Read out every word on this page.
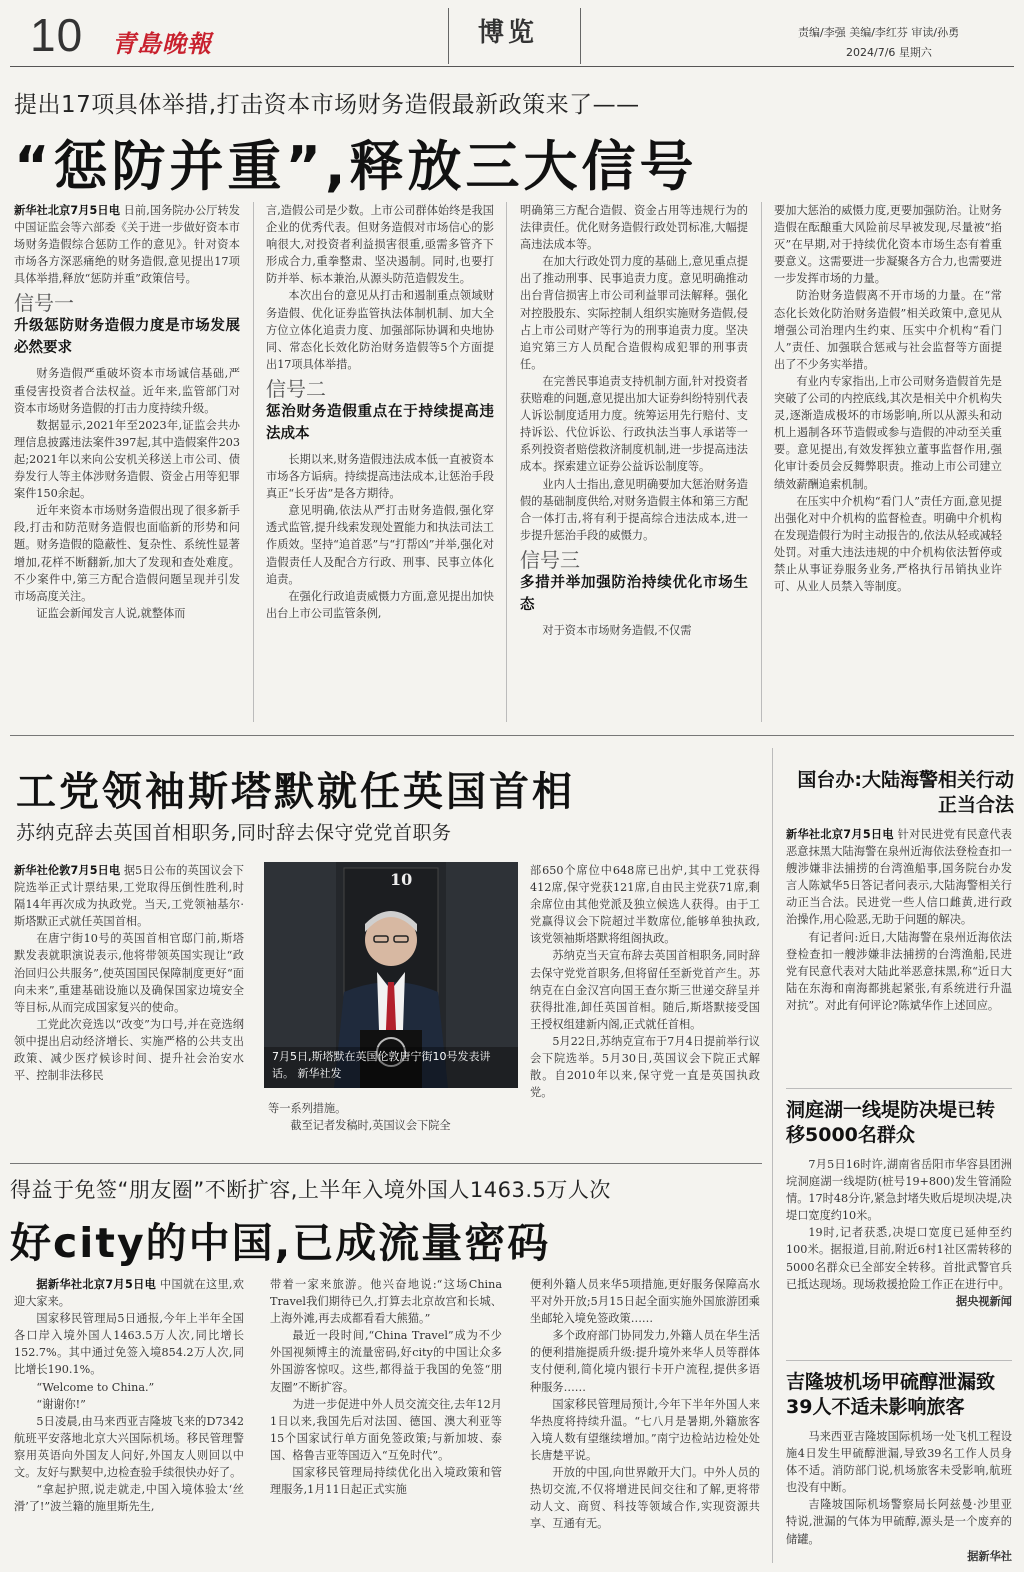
10 青島晚報	博览	责编/李强 美编/李红芬 审读/孙勇
2024/7/6 星期六
提出17项具体举措,打击资本市场财务造假最新政策来了——
“惩防并重”,释放三大信号

新华社北京7月5日电 日前,国务院办公厅转发中国证监会等六部委《关于进一步做好资本市场财务造假综合惩防工作的意见》。针对资本市场各方深恶痛绝的财务造假,意见提出17项具体举措,释放“惩防并重”政策信号。

信号一
升级惩防财务造假力度是市场发展必然要求

财务造假严重破坏资本市场诚信基础,严重侵害投资者合法权益。近年来,监管部门对资本市场财务造假的打击力度持续升级。

数据显示,2021年至2023年,证监会共办理信息披露违法案件397起,其中造假案件203起;2021年以来向公安机关移送上市公司、债券发行人等主体涉财务造假、资金占用等犯罪案件150余起。

近年来资本市场财务造假出现了很多新手段,打击和防范财务造假也面临新的形势和问题。财务造假的隐蔽性、复杂性、系统性显著增加,花样不断翻新,加大了发现和查处难度。不少案件中,第三方配合造假问题呈现并引发市场高度关注。

证监会新闻发言人说,就整体而

言,造假公司是少数。上市公司群体始终是我国企业的优秀代表。但财务造假对市场信心的影响很大,对投资者利益损害很重,亟需多管齐下形成合力,重拳整肃、坚决遏制。同时,也要打防并举、标本兼治,从源头防范造假发生。

本次出台的意见从打击和遏制重点领域财务造假、优化证券监管执法体制机制、加大全方位立体化追责力度、加强部际协调和央地协同、常态化长效化防治财务造假等5个方面提出17项具体举措。

信号二
惩治财务造假重点在于持续提高违法成本

长期以来,财务造假违法成本低一直被资本市场各方诟病。持续提高违法成本,让惩治手段真正“长牙齿”是各方期待。

意见明确,依法从严打击财务造假,强化穿透式监管,提升线索发现处置能力和执法司法工作质效。坚持“追首恶”与“打帮凶”并举,强化对造假责任人及配合方行政、刑事、民事立体化追责。

在强化行政追责威慑力方面,意见提出加快出台上市公司监管条例,

明确第三方配合造假、资金占用等违规行为的法律责任。优化财务造假行政处罚标准,大幅提高违法成本等。

在加大行政处罚力度的基础上,意见重点提出了推动刑事、民事追责力度。意见明确推动出台背信损害上市公司利益罪司法解释。强化对控股股东、实际控制人组织实施财务造假,侵占上市公司财产等行为的刑事追责力度。坚决追究第三方人员配合造假构成犯罪的刑事责任。

在完善民事追责支持机制方面,针对投资者获赔难的问题,意见提出加大证券纠纷特别代表人诉讼制度适用力度。统筹运用先行赔付、支持诉讼、代位诉讼、行政执法当事人承诺等一系列投资者赔偿救济制度机制,进一步提高违法成本。探索建立证券公益诉讼制度等。

业内人士指出,意见明确要加大惩治财务造假的基础制度供给,对财务造假主体和第三方配合一体打击,将有利于提高综合违法成本,进一步提升惩治手段的威慑力。

信号三
多措并举加强防治持续优化市场生态

对于资本市场财务造假,不仅需

要加大惩治的威慑力度,更要加强防治。让财务造假在酝酿重大风险前尽早被发现,尽量被“掐灭”在早期,对于持续优化资本市场生态有着重要意义。这需要进一步凝聚各方合力,也需要进一步发挥市场的力量。

防治财务造假离不开市场的力量。在“常态化长效化防治财务造假”相关政策中,意见从增强公司治理内生约束、压实中介机构“看门人”责任、加强联合惩戒与社会监督等方面提出了不少务实举措。

有业内专家指出,上市公司财务造假首先是突破了公司的内控底线,其次是相关中介机构失灵,逐渐造成极坏的市场影响,所以从源头和动机上遏制各环节造假或参与造假的冲动至关重要。意见提出,有效发挥独立董事监督作用,强化审计委员会反舞弊职责。推动上市公司建立绩效薪酬追索机制。

在压实中介机构“看门人”责任方面,意见提出强化对中介机构的监督检查。明确中介机构在发现造假行为时主动报告的,依法从轻或减轻处罚。对重大违法违规的中介机构依法暂停或禁止从事证券服务业务,严格执行吊销执业许可、从业人员禁入等制度。

工党领袖斯塔默就任英国首相
苏纳克辞去英国首相职务,同时辞去保守党党首职务

新华社伦敦7月5日电 据5日公布的英国议会下院选举正式计票结果,工党取得压倒性胜利,时隔14年再次成为执政党。当天,工党领袖基尔·斯塔默正式就任英国首相。

在唐宁街10号的英国首相官邸门前,斯塔默发表就职演说表示,他将带领英国实现让“政治回归公共服务”,使英国国民保障制度更好“面向未来”,重建基础设施以及确保国家边境安全等目标,从而完成国家复兴的使命。

工党此次竞选以“改变”为口号,并在竞选纲领中提出启动经济增长、实施严格的公共支出政策、减少医疗候诊时间、提升社会治安水平、控制非法移民

10
7月5日,斯塔默在英国伦敦唐宁街10号发表讲话。 新华社发

等一系列措施。

截至记者发稿时,英国议会下院全

部650个席位中648席已出炉,其中工党获得412席,保守党获121席,自由民主党获71席,剩余席位由其他党派及独立候选人获得。由于工党赢得议会下院超过半数席位,能够单独执政,该党领袖斯塔默将组阁执政。

苏纳克当天宣布辞去英国首相职务,同时辞去保守党党首职务,但将留任至新党首产生。苏纳克在白金汉宫向国王查尔斯三世递交辞呈并获得批准,卸任英国首相。随后,斯塔默接受国王授权组建新内阁,正式就任首相。

5月22日,苏纳克宣布于7月4日提前举行议会下院选举。5月30日,英国议会下院正式解散。自2010年以来,保守党一直是英国执政党。

国台办:大陆海警相关行动正当合法

新华社北京7月5日电 针对民进党有民意代表恶意抹黑大陆海警在泉州近海依法登检查扣一艘涉嫌非法捕捞的台湾渔船事,国务院台办发言人陈斌华5日答记者问表示,大陆海警相关行动正当合法。民进党一些人信口雌黄,进行政治操作,用心险恶,无助于问题的解决。

有记者问:近日,大陆海警在泉州近海依法登检查扣一艘涉嫌非法捕捞的台湾渔船,民进党有民意代表对大陆此举恶意抹黑,称“近日大陆在东海和南海都挑起紧张,有系统进行升温对抗”。对此有何评论?陈斌华作上述回应。

洞庭湖一线堤防决堤已转移5000名群众

7月5日16时许,湖南省岳阳市华容县团洲垸洞庭湖一线堤防(桩号19+800)发生管涌险情。17时48分许,紧急封堵失败后堤坝决堤,决堤口宽度约10米。

19时,记者获悉,决堤口宽度已延伸至约100米。据报道,目前,附近6村1社区需转移的5000名群众已全部安全转移。首批武警官兵已抵达现场。现场救援抢险工作正在进行中。

据央视新闻

吉隆坡机场甲硫醇泄漏致39人不适未影响旅客

马来西亚吉隆坡国际机场一处飞机工程设施4日发生甲硫醇泄漏,导致39名工作人员身体不适。消防部门说,机场旅客未受影响,航班也没有中断。

吉隆坡国际机场警察局长阿兹曼·沙里亚特说,泄漏的气体为甲硫醇,源头是一个废弃的储罐。

据新华社

得益于免签“朋友圈”不断扩容,上半年入境外国人1463.5万人次
好city的中国,已成流量密码

据新华社北京7月5日电 中国就在这里,欢迎大家来。

国家移民管理局5日通报,今年上半年全国各口岸入境外国人1463.5万人次,同比增长152.7%。其中通过免签入境854.2万人次,同比增长190.1%。

“Welcome to China.”

“谢谢你!”

5日凌晨,由马来西亚吉隆坡飞来的D7342航班平安落地北京大兴国际机场。移民管理警察用英语向外国友人问好,外国友人则回以中文。友好与默契中,边检查验手续很快办好了。

“拿起护照,说走就走,中国入境体验太‘丝滑’了!”波兰籍的施里斯先生,

带着一家来旅游。他兴奋地说:“这场China Travel我们期待已久,打算去北京故宫和长城、上海外滩,再去成都看看大熊猫。”

最近一段时间,“China Travel”成为不少外国视频博主的流量密码,好city的中国让众多外国游客惊叹。这些,都得益于我国的免签“朋友圈”不断扩容。

为进一步促进中外人员交流交往,去年12月1日以来,我国先后对法国、德国、澳大利亚等15个国家试行单方面免签政策;与新加坡、泰国、格鲁吉亚等国迈入“互免时代”。

国家移民管理局持续优化出入境政策和管理服务,1月11日起正式实施

便利外籍人员来华5项措施,更好服务保障高水平对外开放;5月15日起全面实施外国旅游团乘坐邮轮入境免签政策……

多个政府部门协同发力,外籍人员在华生活的便利措施提质升级:提升境外来华人员等群体支付便利,简化境内银行卡开户流程,提供多语种服务……

国家移民管理局预计,今年下半年外国人来华热度将持续升温。“七八月是暑期,外籍旅客入境人数有望继续增加。”南宁边检站边检处处长唐楚平说。

开放的中国,向世界敞开大门。中外人员的热切交流,不仅将增进民间交往和了解,更将带动人文、商贸、科技等领域合作,实现资源共享、互通有无。
